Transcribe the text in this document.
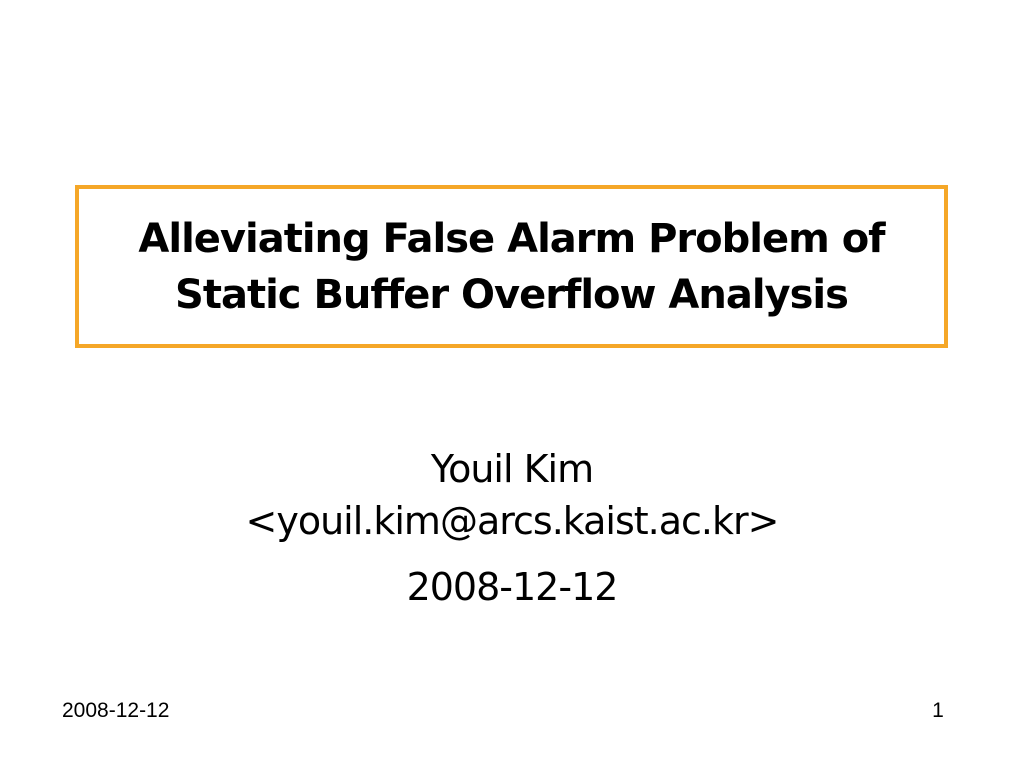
Alleviating False Alarm Problem of
Static Buffer Overflow Analysis
Youil Kim
<youil.kim@arcs.kaist.ac.kr>
2008-12-12
2008-12-12	1
